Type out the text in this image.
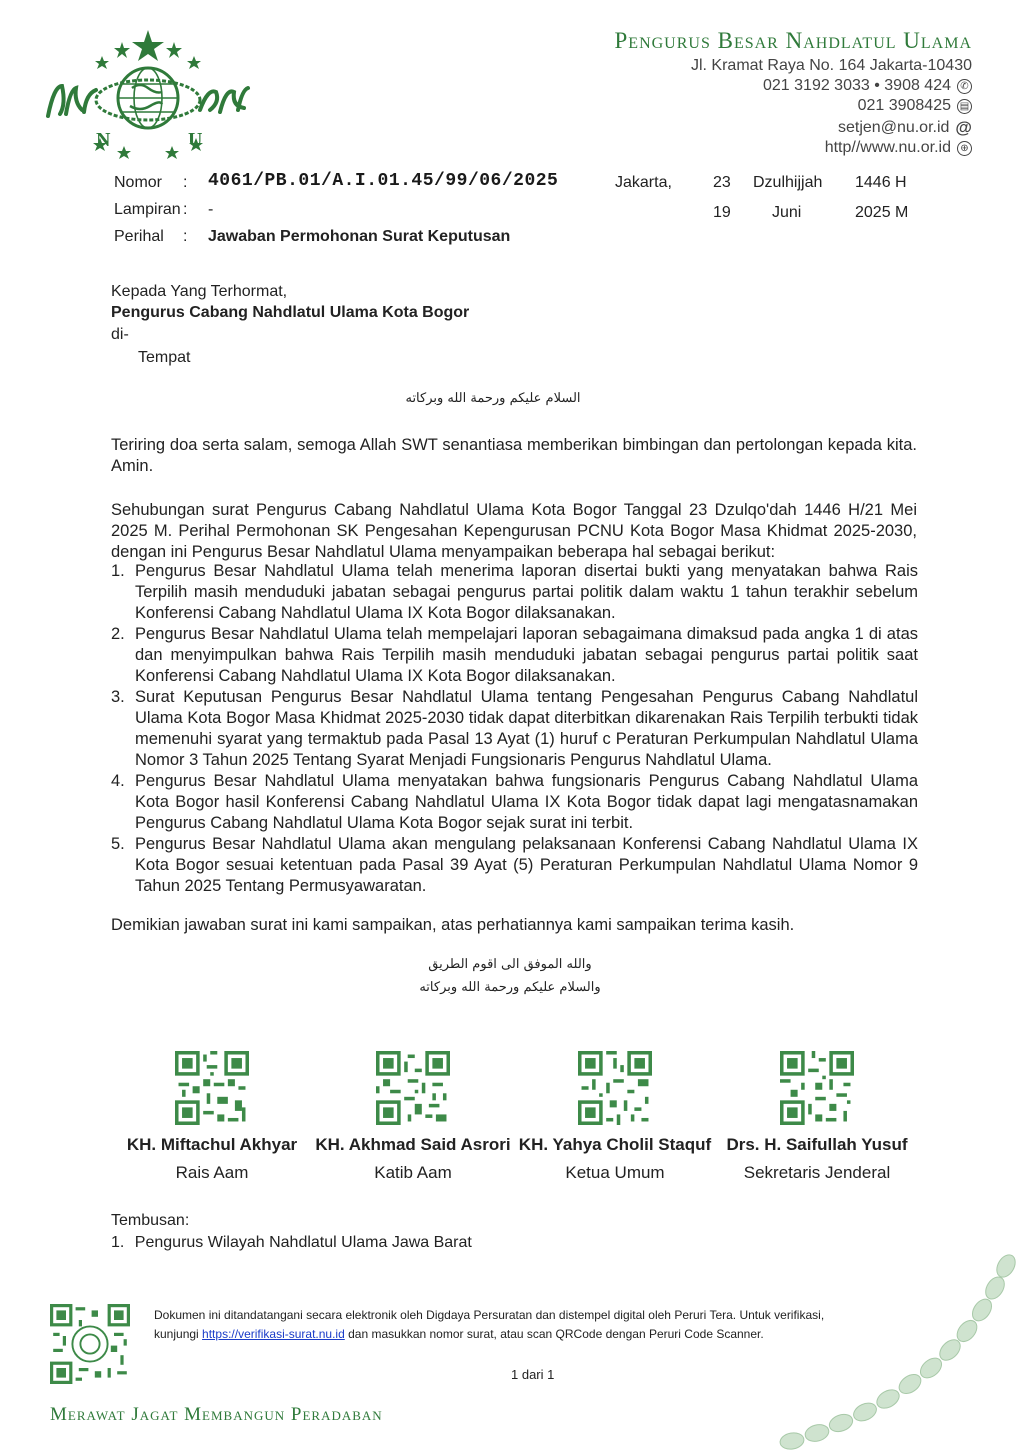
N	U
Pengurus Besar Nahdlatul Ulama
Jl. Kramat Raya No. 164 Jakarta-10430
021 3192 3033 • 3908 424 ✆
021 3908425 ▤
setjen@nu.or.id @
http//www.nu.or.id ⊕
Nomor : 4061/PB.01/A.I.01.45/99/06/2025	Jakarta,	23 Dzulhijjah 1446 H
Lampiran : -	19	Juni	2025 M
Perihal : Jawaban Permohonan Surat Keputusan
Kepada Yang Terhormat,
Pengurus Cabang Nahdlatul Ulama Kota Bogor
di-
Tempat
السلام عليكم ورحمة الله وبركاته
Teriring doa serta salam, semoga Allah SWT senantiasa memberikan bimbingan dan pertolongan kepada kita. Amin.
Sehubungan surat Pengurus Cabang Nahdlatul Ulama Kota Bogor Tanggal 23 Dzulqo'dah 1446 H/21 Mei 2025 M. Perihal Permohonan SK Pengesahan Kepengurusan PCNU Kota Bogor Masa Khidmat 2025-2030, dengan ini Pengurus Besar Nahdlatul Ulama menyampaikan beberapa hal sebagai berikut:
1. Pengurus Besar Nahdlatul Ulama telah menerima laporan disertai bukti yang menyatakan bahwa Rais Terpilih masih menduduki jabatan sebagai pengurus partai politik dalam waktu 1 tahun terakhir sebelum Konferensi Cabang Nahdlatul Ulama IX Kota Bogor dilaksanakan.
2. Pengurus Besar Nahdlatul Ulama telah mempelajari laporan sebagaimana dimaksud pada angka 1 di atas dan menyimpulkan bahwa Rais Terpilih masih menduduki jabatan sebagai pengurus partai politik saat Konferensi Cabang Nahdlatul Ulama IX Kota Bogor dilaksanakan.
3. Surat Keputusan Pengurus Besar Nahdlatul Ulama tentang Pengesahan Pengurus Cabang Nahdlatul Ulama Kota Bogor Masa Khidmat 2025-2030 tidak dapat diterbitkan dikarenakan Rais Terpilih terbukti tidak memenuhi syarat yang termaktub pada Pasal 13 Ayat (1) huruf c Peraturan Perkumpulan Nahdlatul Ulama Nomor 3 Tahun 2025 Tentang Syarat Menjadi Fungsionaris Pengurus Nahdlatul Ulama.
4. Pengurus Besar Nahdlatul Ulama menyatakan bahwa fungsionaris Pengurus Cabang Nahdlatul Ulama Kota Bogor hasil Konferensi Cabang Nahdlatul Ulama IX Kota Bogor tidak dapat lagi mengatasnamakan Pengurus Cabang Nahdlatul Ulama Kota Bogor sejak surat ini terbit.
5. Pengurus Besar Nahdlatul Ulama akan mengulang pelaksanaan Konferensi Cabang Nahdlatul Ulama IX Kota Bogor sesuai ketentuan pada Pasal 39 Ayat (5) Peraturan Perkumpulan Nahdlatul Ulama Nomor 9 Tahun 2025 Tentang Permusyawaratan.
Demikian jawaban surat ini kami sampaikan, atas perhatiannya kami sampaikan terima kasih.
والله الموفق الى اقوم الطريق
والسلام عليكم ورحمة الله وبركاته
KH. Miftachul Akhyar
Rais Aam
KH. Akhmad Said Asrori
Katib Aam
KH. Yahya Cholil Staquf
Ketua Umum
Drs. H. Saifullah Yusuf
Sekretaris Jenderal
Tembusan:
1. Pengurus Wilayah Nahdlatul Ulama Jawa Barat
Dokumen ini ditandatangani secara elektronik oleh Digdaya Persuratan dan distempel digital oleh Peruri Tera. Untuk verifikasi,
kunjungi https://verifikasi-surat.nu.id dan masukkan nomor surat, atau scan QRCode dengan Peruri Code Scanner.
1 dari 1
Merawat Jagat Membangun Peradaban
